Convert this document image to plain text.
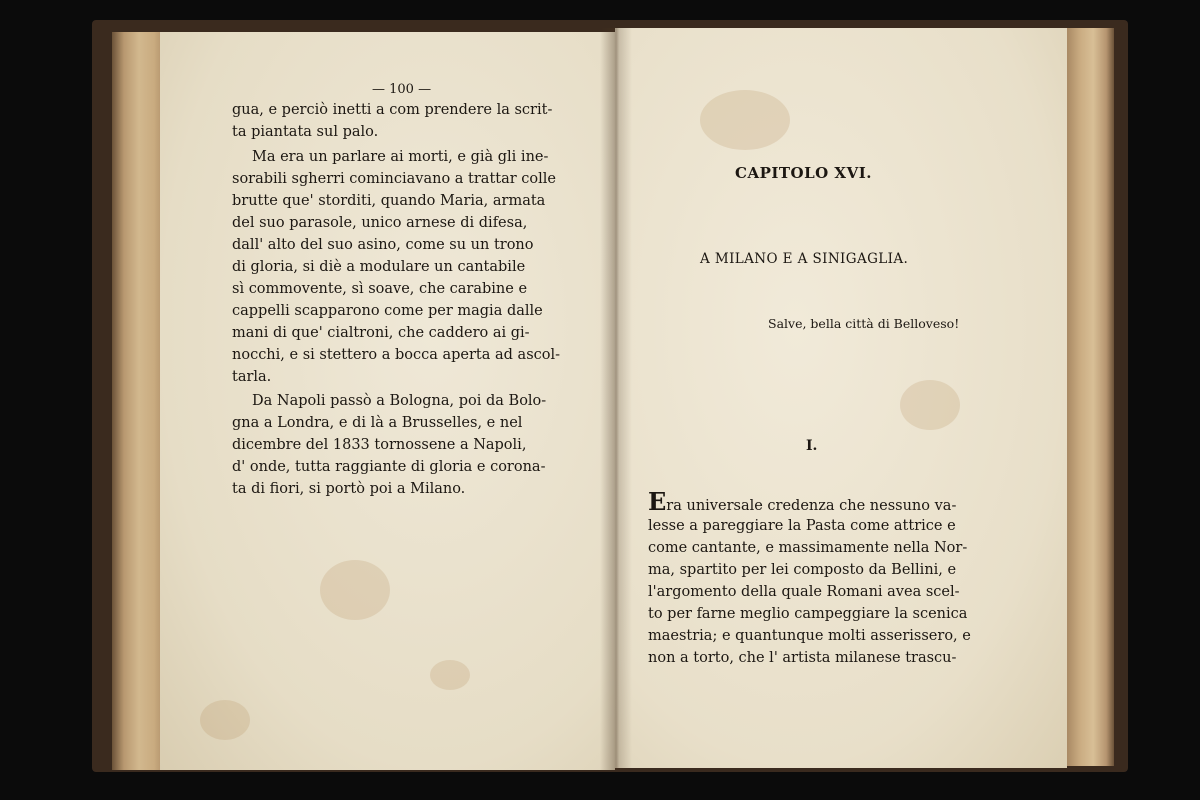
— 100 —
gua, e perciò inetti a com prendere la scrit-
ta piantata sul palo.
Ma era un parlare ai morti, e già gli ine-
sorabili sgherri cominciavano a trattar colle
brutte que' storditi, quando Maria, armata
del suo parasole, unico arnese di difesa,
dall' alto del suo asino, come su un trono
di gloria, si diè a modulare un cantabile
sì commovente, sì soave, che carabine e
cappelli scapparono come per magia dalle
mani di que' cialtroni, che caddero ai gi-
nocchi, e si stettero a bocca aperta ad ascol-
tarla.
Da Napoli passò a Bologna, poi da Bolo-
gna a Londra, e di là a Brusselles, e nel
dicembre del 1833 tornossene a Napoli,
d' onde, tutta raggiante di gloria e corona-
ta di fiori, si portò poi a Milano.
CAPITOLO XVI.
A MILANO E A SINIGAGLIA.
Salve, bella città di Belloveso!
I.
Era universale credenza che nessuno va-
lesse a pareggiare la Pasta come attrice e
come cantante, e massimamente nella Nor-
ma, spartito per lei composto da Bellini, e
l'argomento della quale Romani avea scel-
to per farne meglio campeggiare la scenica
maestria; e quantunque molti asserissero, e
non a torto, che l' artista milanese trascu-
